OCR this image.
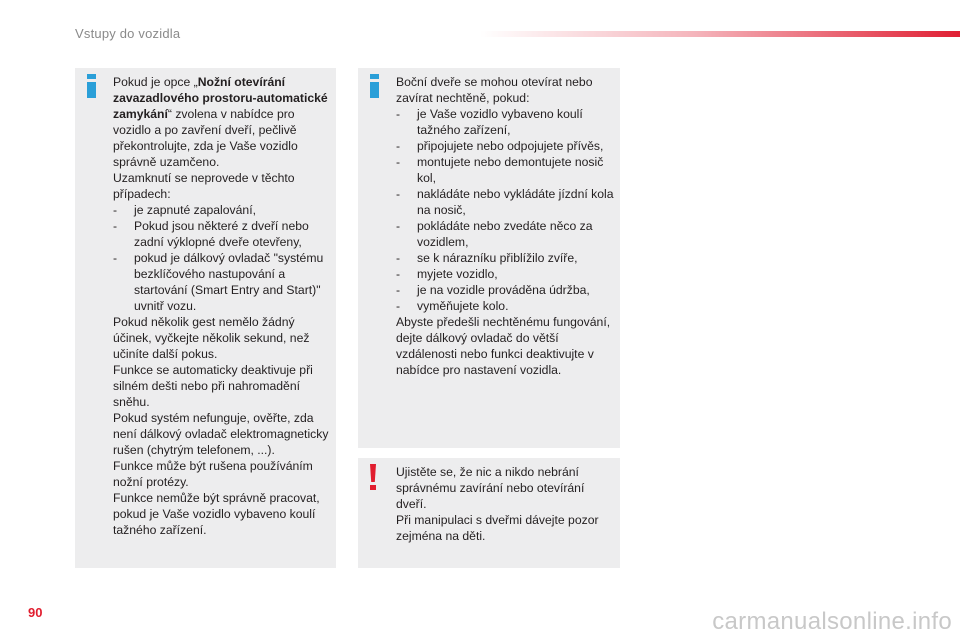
Vstupy do vozidla

Pokud je opce „Nožní otevírání zavazadlového prostoru-automatické zamykání“ zvolena v nabídce pro vozidlo a po zavření dveří, pečlivě překontrolujte, zda je Vaše vozidlo správně uzamčeno.

Uzamknutí se neprovede v těchto případech:

-	je zapnuté zapalování,
-	Pokud jsou některé z dveří nebo zadní výklopné dveře otevřeny,
-	pokud je dálkový ovladač "systému bezklíčového nastupování a startování (Smart Entry and Start)" uvnitř vozu.

Pokud několik gest nemělo žádný účinek, vyčkejte několik sekund, než učiníte další pokus.

Funkce se automaticky deaktivuje při silném dešti nebo při nahromadění sněhu.

Pokud systém nefunguje, ověřte, zda není dálkový ovladač elektromagneticky rušen (chytrým telefonem, ...).

Funkce může být rušena používáním nožní protézy.

Funkce nemůže být správně pracovat, pokud je Vaše vozidlo vybaveno koulí tažného zařízení.

Boční dveře se mohou otevírat nebo zavírat nechtěně, pokud:

-	je Vaše vozidlo vybaveno koulí tažného zařízení,
-	připojujete nebo odpojujete přívěs,
-	montujete nebo demontujete nosič kol,
-	nakládáte nebo vykládáte jízdní kola na nosič,
-	pokládáte nebo zvedáte něco za vozidlem,
-	se k nárazníku přiblížilo zvíře,
-	myjete vozidlo,
-	je na vozidle prováděna údržba,
-	vyměňujete kolo.

Abyste předešli nechtěnému fungování, dejte dálkový ovladač do větší vzdálenosti nebo funkci deaktivujte v nabídce pro nastavení vozidla.

Ujistěte se, že nic a nikdo nebrání správnému zavírání nebo otevírání dveří.

Při manipulaci s dveřmi dávejte pozor zejména na děti.

90	carmanualsonline.info
